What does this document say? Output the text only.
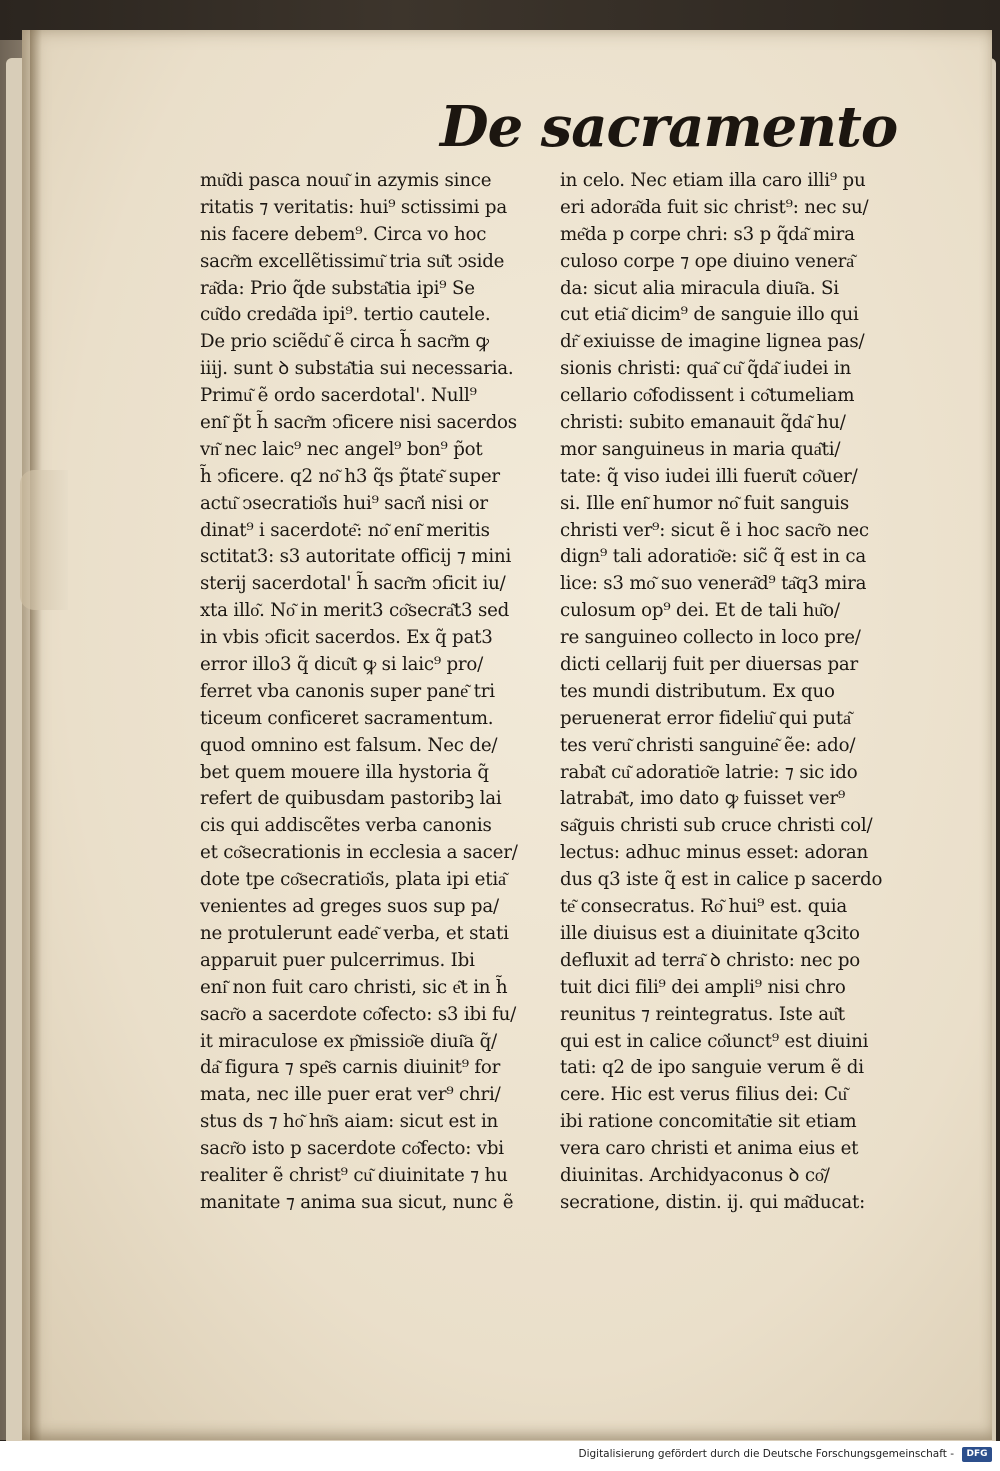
De sacramento
mu͂di pasca nouu͂ in azymis since
ritatis ⁊ veritatis: hui⁹ sctissimi pa
nis facere debem⁹. Circa vo hoc
sacr͂m excellẽtissimu͂ tria su͂t ↄside
ra͂da: Prio q̃de substa͂tia ipi⁹ Se
cu͂do creda͂da ipi⁹. tertio cautele.
De prio sciẽdu͂ ẽ circa h̃ sacr͂m ꝙ
iiij. sunt ꝺ substa͂tia sui necessaria.
Primu͂ ẽ ordo sacerdotal'. Null⁹
eni͂ p̃t h̃ sacr͂m ↄficere nisi sacerdos
vn͂ nec laic⁹ nec angel⁹ bon⁹ p̃ot
h̃ ↄficere. q2 no͂ h3 q̃s p̃tate͂ super
actu͂ ↄsecratio͂is hui⁹ sacr͂i nisi or
dinat⁹ i sacerdote͂: no͂ eni͂ meritis
sctitat3: s3 autoritate officij ⁊ mini
sterij sacerdotal' h̃ sacr͂m ↄficit iu/
xta illo͂. No͂ in merit3 co͂secra͂t3 sed
in vbis ↄficit sacerdos. Ex q̃ pat3
error illo3 q̃ dicu͂t ꝙ si laic⁹ pro/
ferret vba canonis super pane͂ tri
ticeum conficeret sacramentum.
quod omnino est falsum. Nec de/
bet quem mouere illa hystoria q̃
refert de quibusdam pastoribꝫ lai
cis qui addiscẽtes verba canonis
et co͂secrationis in ecclesia a sacer/
dote tpe co͂secratio͂is, plata ipi etia͂
venientes ad greges suos sup pa/
ne protulerunt eade͂ verba, et stati
apparuit puer pulcerrimus. Ibi
eni͂ non fuit caro christi, sic e͂t in h̃
sacr͂o a sacerdote co͂fecto: s3 ibi fu/
it miraculose ex p͂missio͂e diui͂a q̃/
da͂ figura ⁊ spe͂s carnis diuinit⁹ for
mata, nec ille puer erat ver⁹ chri/
stus ds ⁊ ho͂ hn͂s aiam: sicut est in
sacr͂o isto p sacerdote co͂fecto: vbi
realiter ẽ christ⁹ cu͂ diuinitate ⁊ hu
manitate ⁊ anima sua sicut, nunc ẽ
in celo. Nec etiam illa caro illi⁹ pu
eri adora͂da fuit sic christ⁹: nec su/
me͂da p corpe chri: s3 p q̃da͂ mira
culoso corpe ⁊ ope diuino venera͂
da: sicut alia miracula diui͂a. Si
cut etia͂ dicim⁹ de sanguie illo qui
dr͂ exiuisse de imagine lignea pas/
sionis christi: qua͂ cu͂ q̃da͂ iudei in
cellario co͂fodissent i co͂tumeliam
christi: subito emanauit q̃da͂ hu/
mor sanguineus in maria qua͂ti/
tate: q̃ viso iudei illi fueru͂t co͂uer/
si. Ille eni͂ humor no͂ fuit sanguis
christi ver⁹: sicut ẽ i hoc sacr͂o nec
dign⁹ tali adoratio͂e: sic̃ q̃ est in ca
lice: s3 mo͂ suo venera͂d⁹ ta͂q3 mira
culosum op⁹ dei. Et de tali hu͂o/
re sanguineo collecto in loco pre/
dicti cellarij fuit per diuersas par
tes mundi distributum. Ex quo
peruenerat error fideliu͂ qui puta͂
tes veru͂ christi sanguine͂ ẽe: ado/
raba͂t cu͂ adoratio͂e latrie: ⁊ sic ido
latraba͂t, imo dato ꝙ fuisset ver⁹
sa͂guis christi sub cruce christi col/
lectus: adhuc minus esset: adoran
dus q3 iste q̃ est in calice p sacerdo
te͂ consecratus. Ro͂ hui⁹ est. quia
ille diuisus est a diuinitate q3cito
defluxit ad terra͂ ꝺ christo: nec po
tuit dici fili⁹ dei ampli⁹ nisi chro
reunitus ⁊ reintegratus. Iste au͂t
qui est in calice co͂iunct⁹ est diuini
tati: q2 de ipo sanguie verum ẽ di
cere. Hic est verus filius dei: Cu͂
ibi ratione concomita͂tie sit etiam
vera caro christi et anima eius et
diuinitas. Archidyaconus ꝺ co͂/
secratione, distin. ij. qui ma͂ducat:
Digitalisierung gefördert durch die Deutsche Forschungsgemeinschaft -	DFG
